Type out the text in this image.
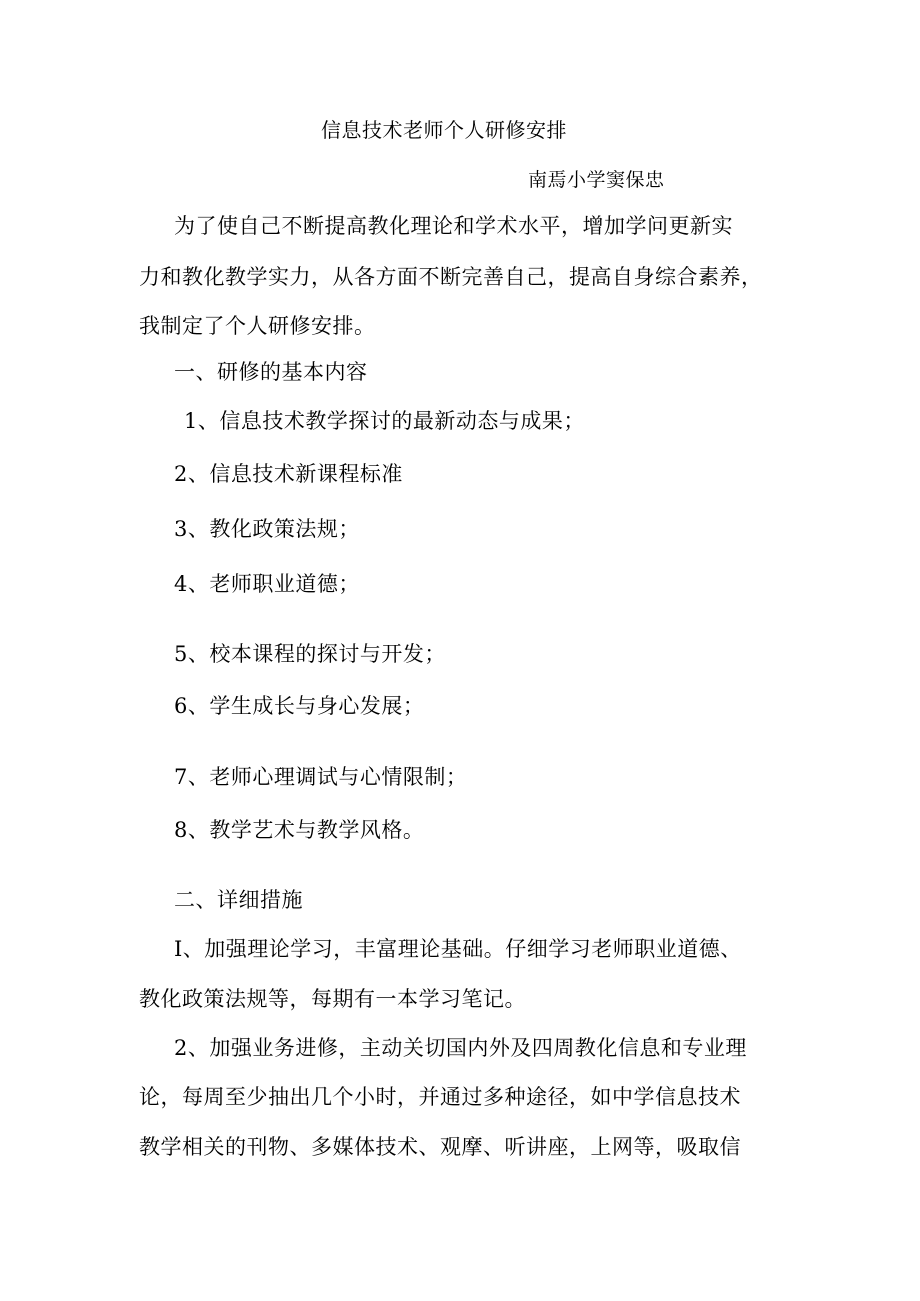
信息技术老师个人研修安排
南焉小学窦保忠
为了使自己不断提高教化理论和学术水平，增加学问更新实
力和教化教学实力，从各方面不断完善自己，提高自身综合素养，
我制定了个人研修安排。
一、研修的基本内容
1、信息技术教学探讨的最新动态与成果；
2、信息技术新课程标准
3、教化政策法规；
4、老师职业道德；
5、校本课程的探讨与开发；
6、学生成长与身心发展；
7、老师心理调试与心情限制；
8、教学艺术与教学风格。
二、详细措施
I、加强理论学习，丰富理论基础。仔细学习老师职业道德、
教化政策法规等，每期有一本学习笔记。
2、加强业务进修，主动关切国内外及四周教化信息和专业理
论，每周至少抽出几个小时，并通过多种途径，如中学信息技术
教学相关的刊物、多媒体技术、观摩、听讲座，上网等，吸取信
